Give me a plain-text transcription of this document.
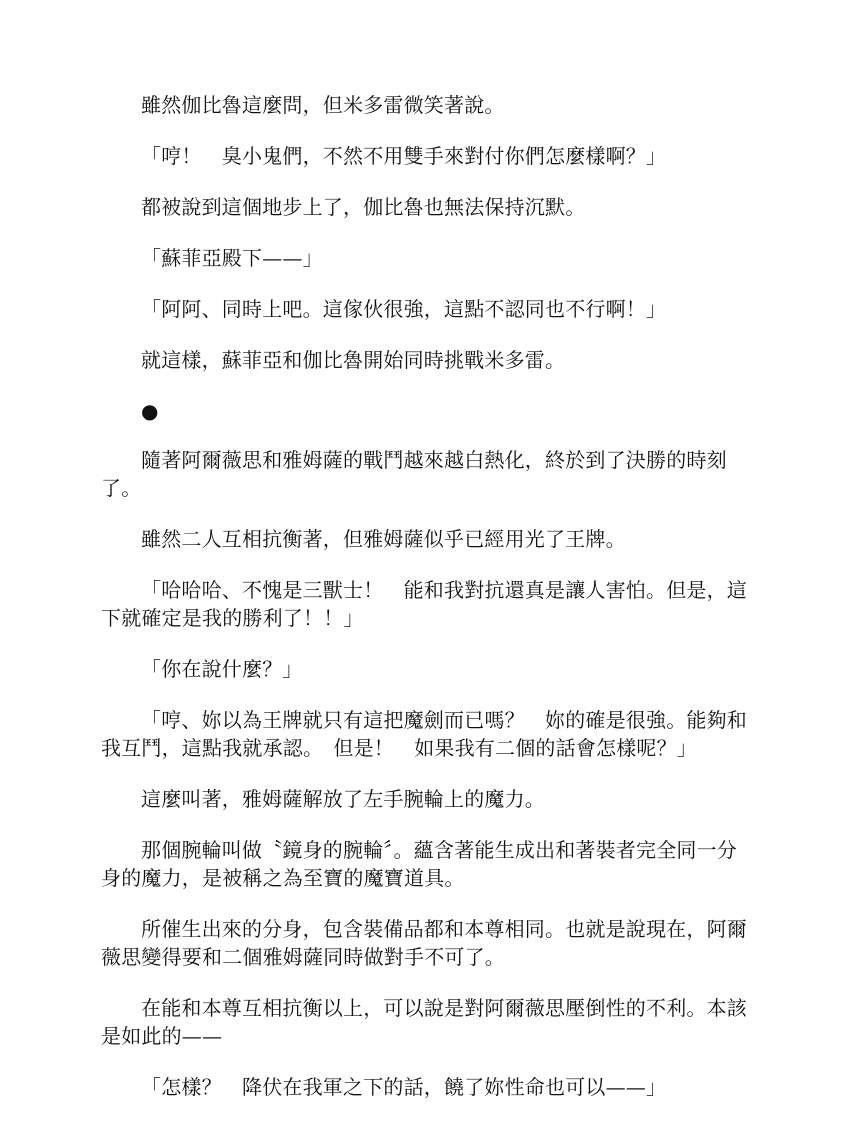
雖然伽比魯這麼問，但米多雷微笑著說。

「哼！　臭小鬼們，不然不用雙手來對付你們怎麼樣啊？」

都被說到這個地步上了，伽比魯也無法保持沉默。

「蘇菲亞殿下——」

「阿阿、同時上吧。這傢伙很強，這點不認同也不行啊！」

就這樣，蘇菲亞和伽比魯開始同時挑戰米多雷。

●

隨著阿爾薇思和雅姆薩的戰鬥越來越白熱化，終於到了決勝的時刻了。

雖然二人互相抗衡著，但雅姆薩似乎已經用光了王牌。

「哈哈哈、不愧是三獸士！　能和我對抗還真是讓人害怕。但是，這下就確定是我的勝利了！！」

「你在說什麼？」

「哼、妳以為王牌就只有這把魔劍而已嗎？　妳的確是很強。能夠和我互鬥，這點我就承認。　但是！　如果我有二個的話會怎樣呢？」

這麼叫著，雅姆薩解放了左手腕輪上的魔力。

那個腕輪叫做〝鏡身的腕輪〞。蘊含著能生成出和著裝者完全同一分身的魔力，是被稱之為至寶的魔寶道具。

所催生出來的分身，包含裝備品都和本尊相同。也就是說現在，阿爾薇思變得要和二個雅姆薩同時做對手不可了。

在能和本尊互相抗衡以上，可以說是對阿爾薇思壓倒性的不利。本該是如此的——

「怎樣？　降伏在我軍之下的話，饒了妳性命也可以——」
